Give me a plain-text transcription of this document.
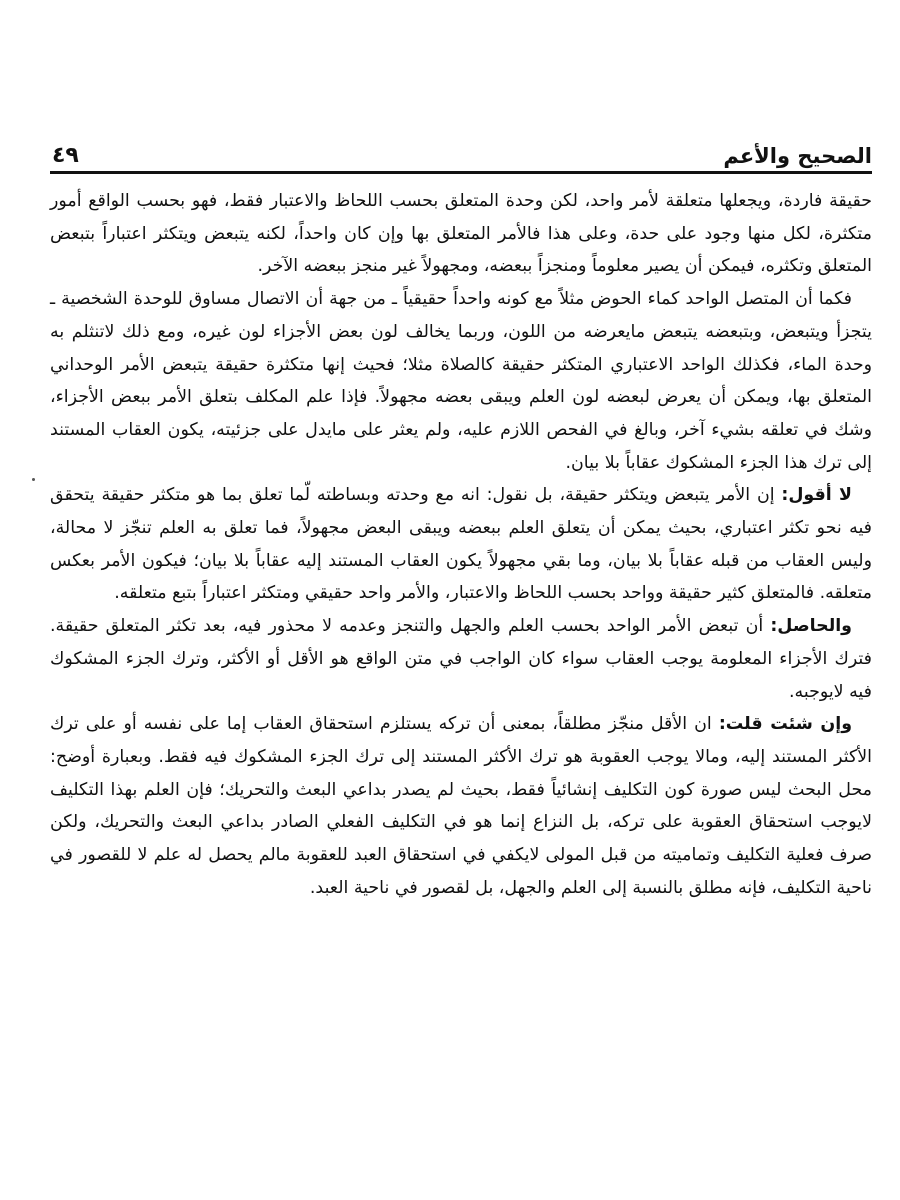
الصحيح والأعم
٤٩

حقيقة فاردة، ويجعلها متعلقة لأمر واحد، لكن وحدة المتعلق بحسب اللحاظ والاعتبار فقط، فهو بحسب الواقع أمور متكثرة، لكل منها وجود على حدة، وعلى هذا فالأمر المتعلق بها وإن كان واحداً، لكنه يتبعض ويتكثر اعتباراً بتبعض المتعلق وتكثره، فيمكن أن يصير معلوماً ومنجزاً ببعضه، ومجهولاً غير منجز ببعضه الآخر.

فكما أن المتصل الواحد كماء الحوض مثلاً مع كونه واحداً حقيقياً ـ من جهة أن الاتصال مساوق للوحدة الشخصية ـ يتجزأ ويتبعض، وبتبعضه يتبعض مايعرضه من اللون، وربما يخالف لون بعض الأجزاء لون غيره، ومع ذلك لاتنثلم به وحدة الماء، فكذلك الواحد الاعتباري المتكثر حقيقة كالصلاة مثلا؛ فحيث إنها متكثرة حقيقة يتبعض الأمر الوحداني المتعلق بها، ويمكن أن يعرض لبعضه لون العلم ويبقى بعضه مجهولاً. فإذا علم المكلف بتعلق الأمر ببعض الأجزاء، وشك في تعلقه بشيء آخر، وبالغ في الفحص اللازم عليه، ولم يعثر على مايدل على جزئيته، يكون العقاب المستند إلى ترك هذا الجزء المشكوك عقاباً بلا بيان.

لا أقول: إن الأمر يتبعض ويتكثر حقيقة، بل نقول: انه مع وحدته وبساطته لّما تعلق بما هو متكثر حقيقة يتحقق فيه نحو تكثر اعتباري، بحيث يمكن أن يتعلق العلم ببعضه ويبقى البعض مجهولاً، فما تعلق به العلم تنجّز لا محالة، وليس العقاب من قبله عقاباً بلا بيان، وما بقي مجهولاً يكون العقاب المستند إليه عقاباً بلا بيان؛ فيكون الأمر بعكس متعلقه. فالمتعلق كثير حقيقة وواحد بحسب اللحاظ والاعتبار، والأمر واحد حقيقي ومتكثر اعتباراً بتبع متعلقه.

والحاصل: أن تبعض الأمر الواحد بحسب العلم والجهل والتنجز وعدمه لا محذور فيه، بعد تكثر المتعلق حقيقة. فترك الأجزاء المعلومة يوجب العقاب سواء كان الواجب في متن الواقع هو الأقل أو الأكثر، وترك الجزء المشكوك فيه لايوجبه.

وإن شئت قلت: ان الأقل منجّز مطلقاً، بمعنى أن تركه يستلزم استحقاق العقاب إما على نفسه أو على ترك الأكثر المستند إليه، ومالا يوجب العقوبة هو ترك الأكثر المستند إلى ترك الجزء المشكوك فيه فقط. وبعبارة أوضح: محل البحث ليس صورة كون التكليف إنشائياً فقط، بحيث لم يصدر بداعي البعث والتحريك؛ فإن العلم بهذا التكليف لايوجب استحقاق العقوبة على تركه، بل النزاع إنما هو في التكليف الفعلي الصادر بداعي البعث والتحريك، ولكن صرف فعلية التكليف وتماميته من قبل المولى لايكفي في استحقاق العبد للعقوبة مالم يحصل له علم لا للقصور في ناحية التكليف، فإنه مطلق بالنسبة إلى العلم والجهل، بل لقصور في ناحية العبد.
